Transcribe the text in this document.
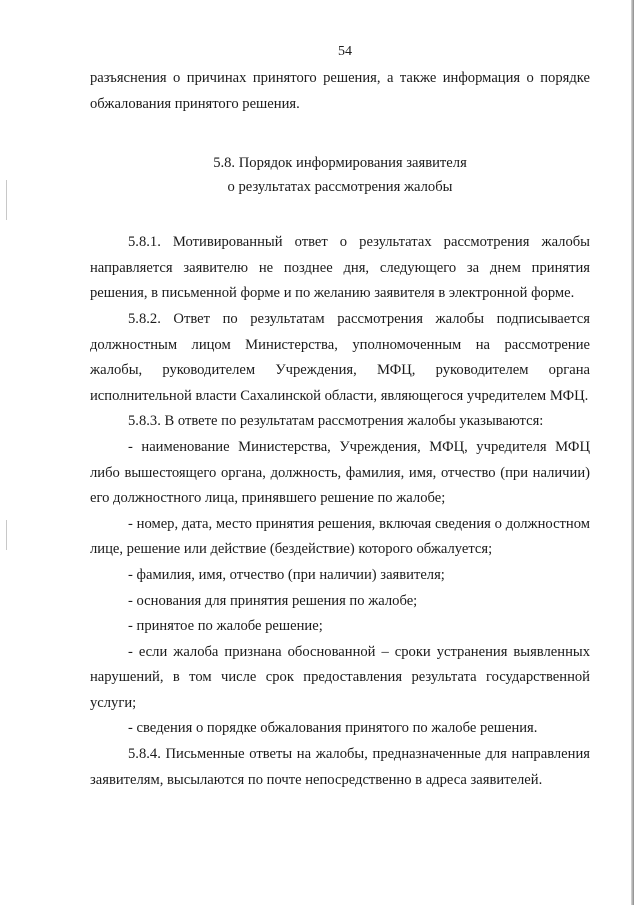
54

разъяснения о причинах принятого решения, а также информация о порядке обжалования принятого решения.

5.8. Порядок информирования заявителя
о результатах рассмотрения жалобы

5.8.1. Мотивированный ответ о результатах рассмотрения жалобы направляется заявителю не позднее дня, следующего за днем принятия решения, в письменной форме и по желанию заявителя в электронной форме.

5.8.2. Ответ по результатам рассмотрения жалобы подписывается должностным лицом Министерства, уполномоченным на рассмотрение жалобы, руководителем Учреждения, МФЦ, руководителем органа исполнительной власти Сахалинской области, являющегося учредителем МФЦ.

5.8.3. В ответе по результатам рассмотрения жалобы указываются:

- наименование Министерства, Учреждения, МФЦ, учредителя МФЦ либо вышестоящего органа, должность, фамилия, имя, отчество (при наличии) его должностного лица, принявшего решение по жалобе;

- номер, дата, место принятия решения, включая сведения о должностном лице, решение или действие (бездействие) которого обжалуется;

- фамилия, имя, отчество (при наличии) заявителя;

- основания для принятия решения по жалобе;

- принятое по жалобе решение;

- если жалоба признана обоснованной – сроки устранения выявленных нарушений, в том числе срок предоставления результата государственной услуги;

- сведения о порядке обжалования принятого по жалобе решения.

5.8.4. Письменные ответы на жалобы, предназначенные для направления заявителям, высылаются по почте непосредственно в адреса заявителей.
